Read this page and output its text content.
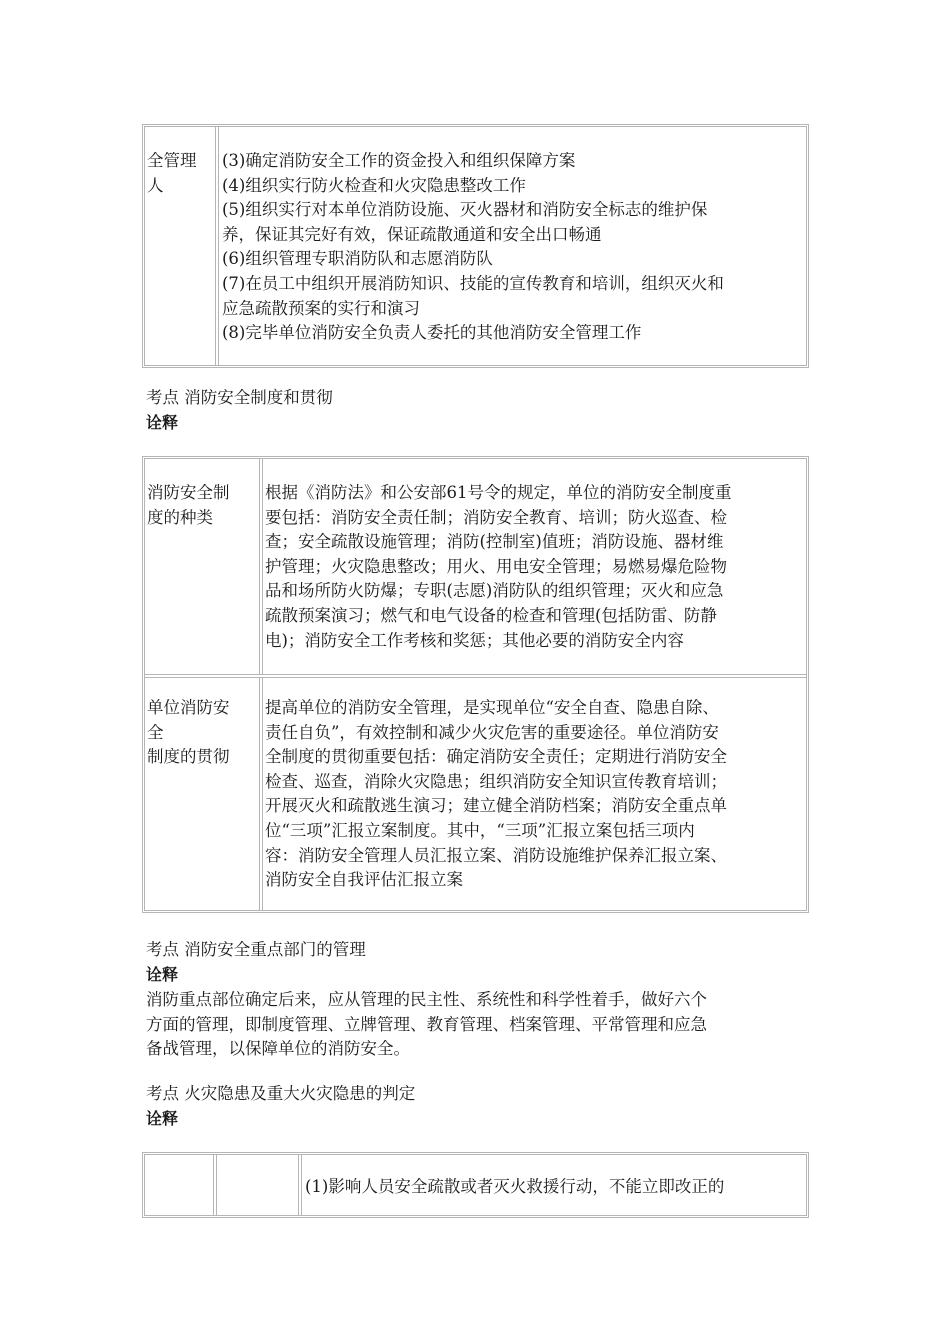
全管理
人
(3)确定消防安全工作的资金投入和组织保障方案
(4)组织实行防火检查和火灾隐患整改工作
(5)组织实行对本单位消防设施、灭火器材和消防安全标志的维护保
养，保证其完好有效，保证疏散通道和安全出口畅通
(6)组织管理专职消防队和志愿消防队
(7)在员工中组织开展消防知识、技能的宣传教育和培训，组织灭火和
应急疏散预案的实行和演习
(8)完毕单位消防安全负责人委托的其他消防安全管理工作
考点 消防安全制度和贯彻
诠释
消防安全制
度的种类
根据《消防法》和公安部61号令的规定，单位的消防安全制度重
要包括：消防安全责任制；消防安全教育、培训；防火巡查、检
查；安全疏散设施管理；消防(控制室)值班；消防设施、器材维
护管理；火灾隐患整改；用火、用电安全管理；易燃易爆危险物
品和场所防火防爆；专职(志愿)消防队的组织管理；灭火和应急
疏散预案演习；燃气和电气设备的检查和管理(包括防雷、防静
电)；消防安全工作考核和奖惩；其他必要的消防安全内容
单位消防安
全
制度的贯彻
提高单位的消防安全管理，是实现单位“安全自查、隐患自除、
责任自负”，有效控制和减少火灾危害的重要途径。单位消防安
全制度的贯彻重要包括：确定消防安全责任；定期进行消防安全
检查、巡查，消除火灾隐患；组织消防安全知识宣传教育培训；
开展灭火和疏散逃生演习；建立健全消防档案；消防安全重点单
位“三项”汇报立案制度。其中，“三项”汇报立案包括三项内
容：消防安全管理人员汇报立案、消防设施维护保养汇报立案、
消防安全自我评估汇报立案
考点 消防安全重点部门的管理
诠释
消防重点部位确定后来，应从管理的民主性、系统性和科学性着手，做好六个
方面的管理，即制度管理、立牌管理、教育管理、档案管理、平常管理和应急
备战管理，以保障单位的消防安全。
考点 火灾隐患及重大火灾隐患的判定
诠释
(1)影响人员安全疏散或者灭火救援行动，不能立即改正的
